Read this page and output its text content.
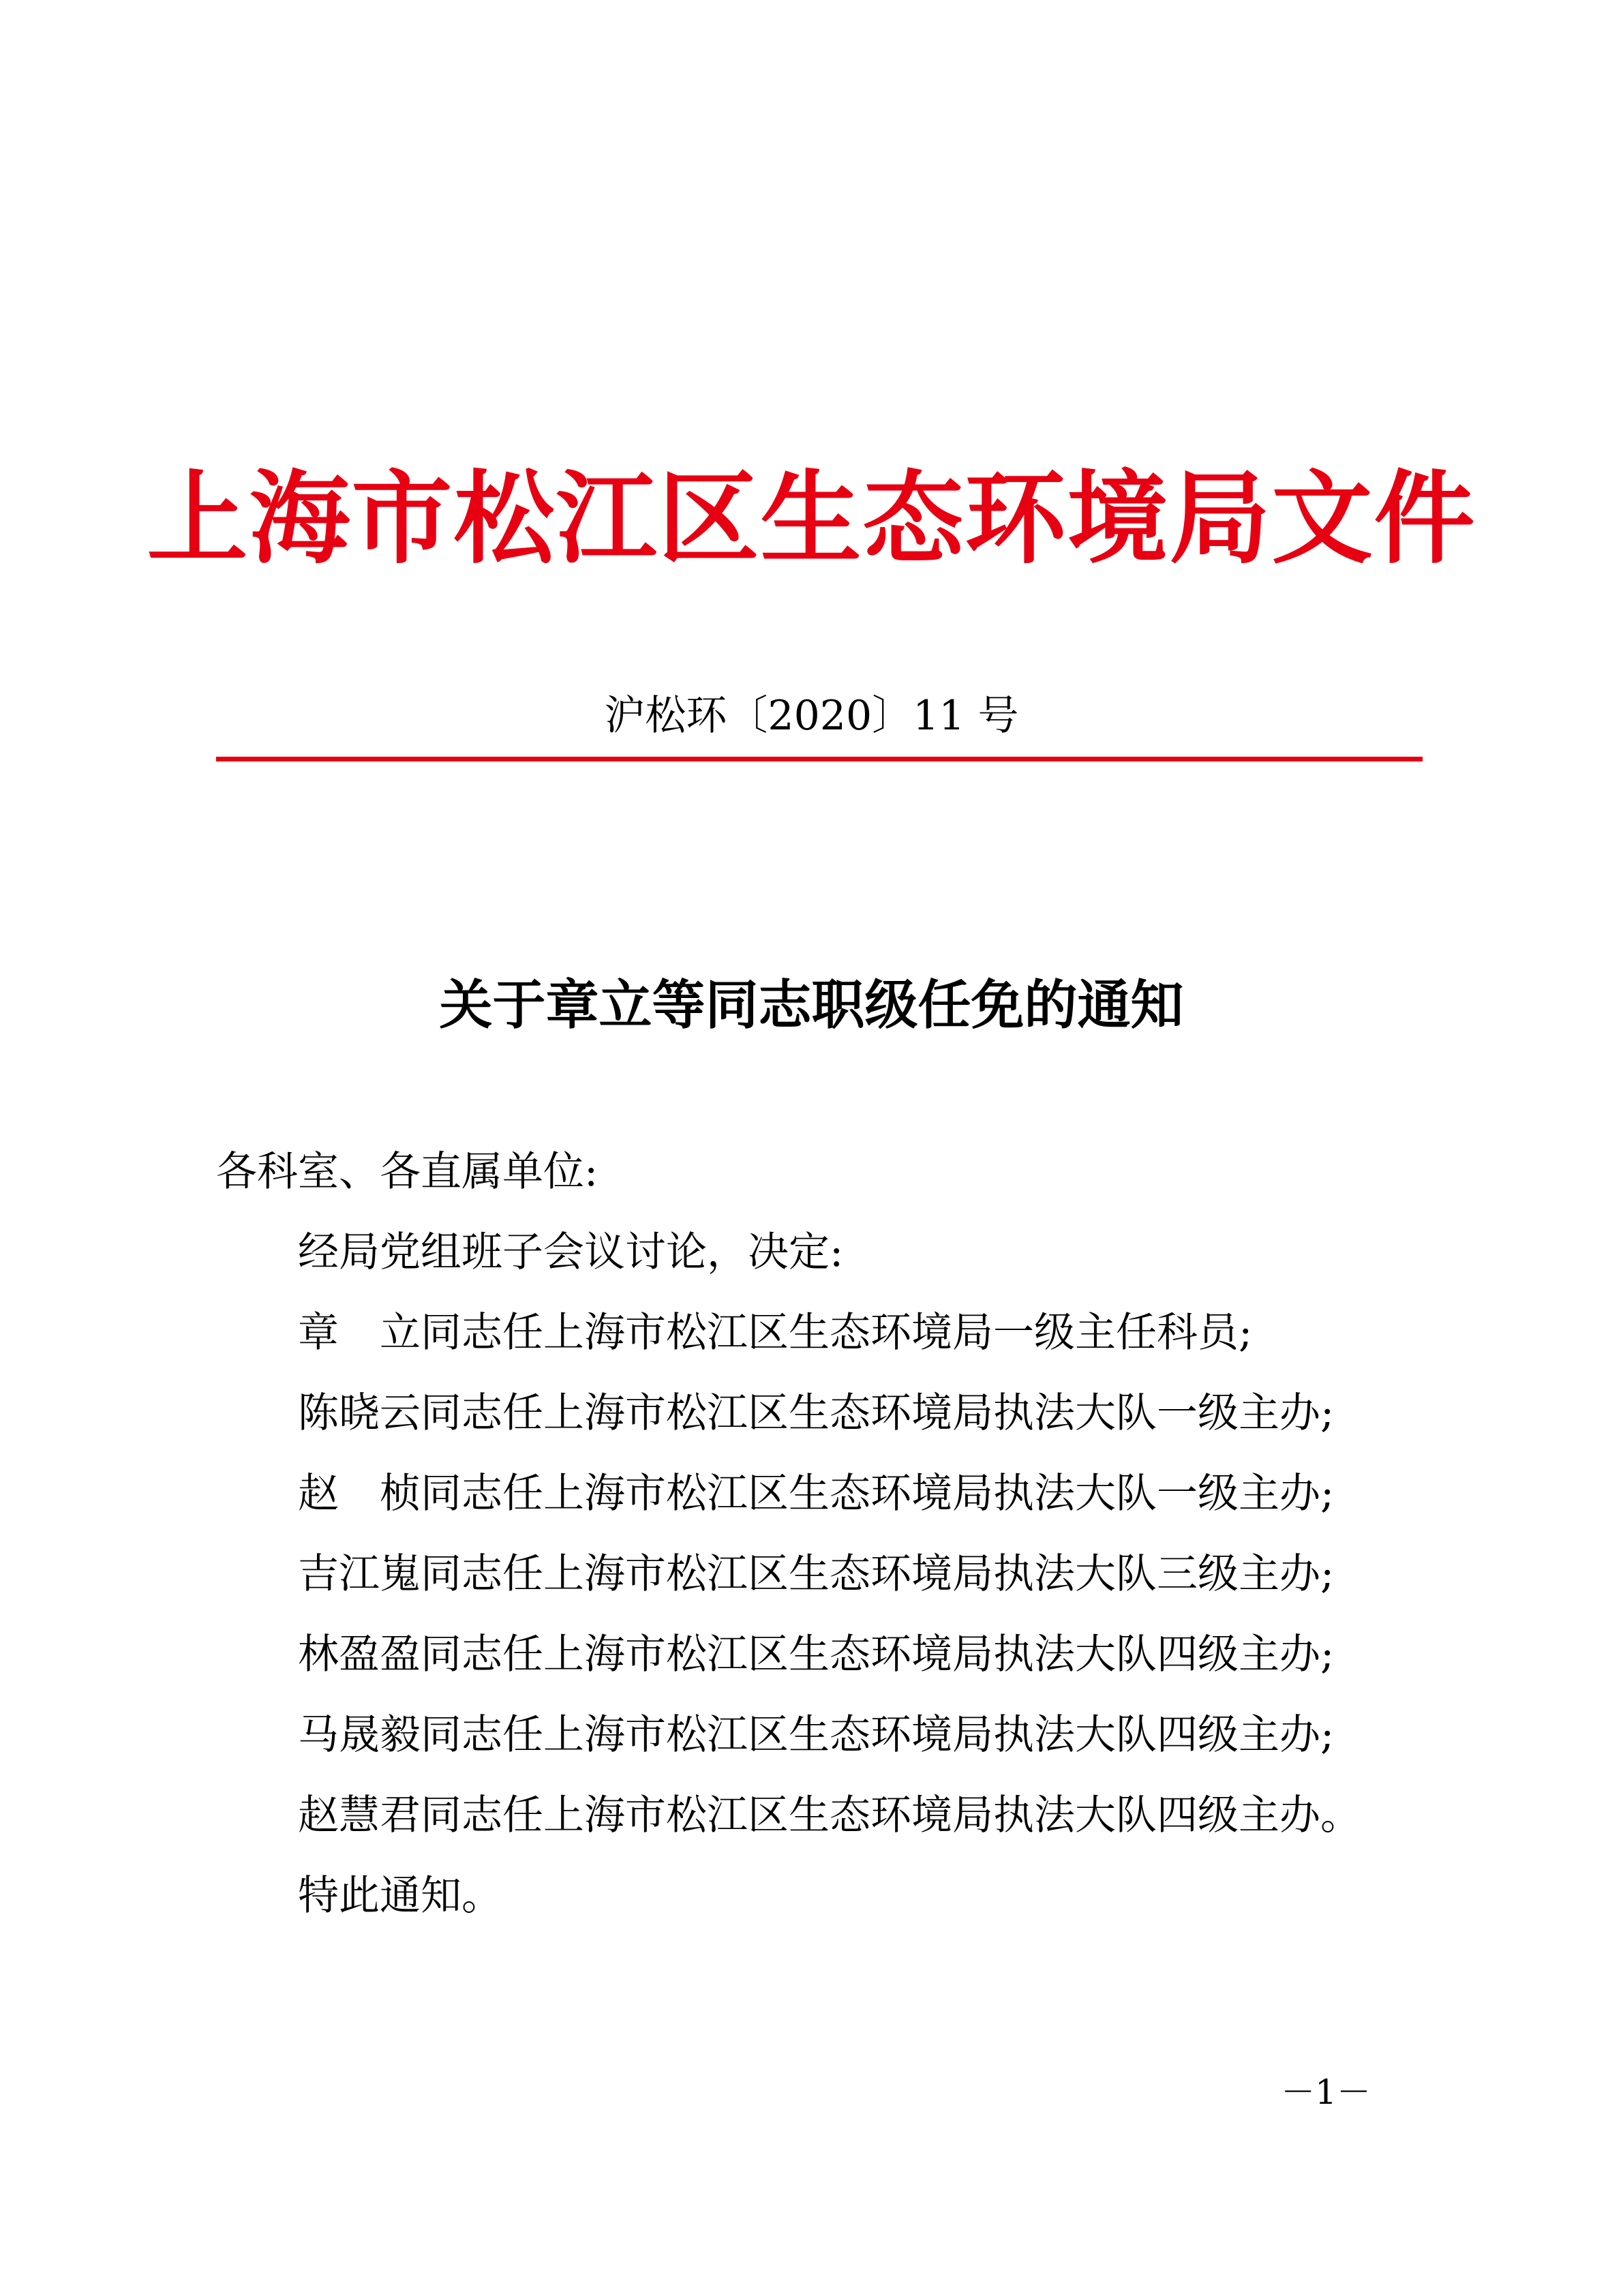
上海市松江区生态环境局文件
沪松环〔2020〕11 号
关于章立等同志职级任免的通知
各科室、各直属单位:
经局党组班子会议讨论，决定:
章　立同志任上海市松江区生态环境局一级主任科员;
陈晓云同志任上海市松江区生态环境局执法大队一级主办;
赵　桢同志任上海市松江区生态环境局执法大队一级主办;
吉江嵬同志任上海市松江区生态环境局执法大队三级主办;
林盈盈同志任上海市松江区生态环境局执法大队四级主办;
马晟毅同志任上海市松江区生态环境局执法大队四级主办;
赵慧君同志任上海市松江区生态环境局执法大队四级主办。
特此通知。
－1－
